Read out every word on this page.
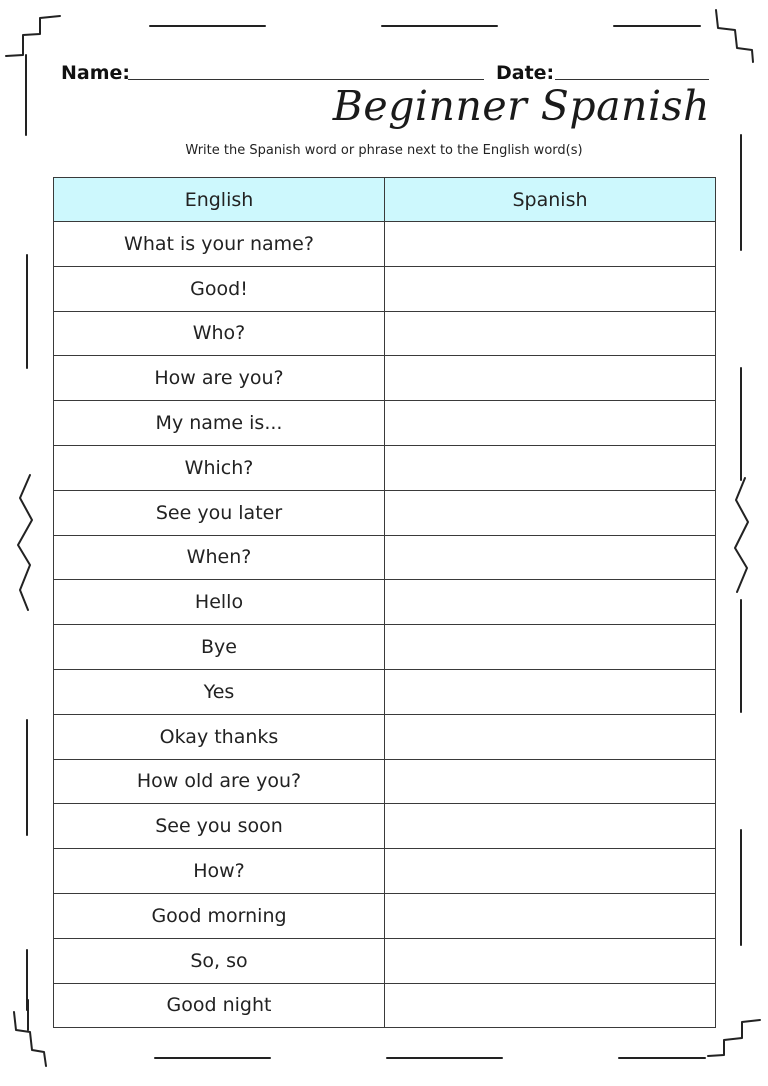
Name:	Date:
Beginner Spanish
Write the Spanish word or phrase next to the English word(s)
English	Spanish
What is your name?	
Good!	
Who?	
How are you?	
My name is...	
Which?	
See you later	
When?	
Hello	
Bye	
Yes	
Okay thanks	
How old are you?	
See you soon	
How?	
Good morning	
So, so	
Good night	
